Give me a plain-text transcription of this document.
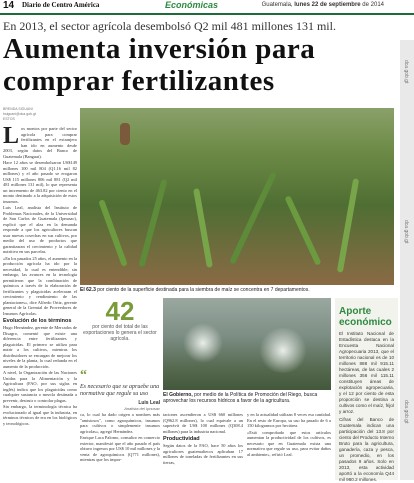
14 Diario de Centro América	Económicas	Guatemala, lunes 22 de septiembre de 2014
En 2013, el sector agrícola desembolsó Q2 mil 481 millones 131 mil.
Aumenta inversión para
comprar fertilizantes
BRENDA SIGUANI
bsiguani@dca.gob.gt
ESTOS

Los montos por parte del sector agrícola para comprar fertilizantes en el extranjero han ido en aumento desde 2003, según datos del Banco de Guatemala (Banguat).

Hace 12 años se desembolsaron US$149 millones 100 mil 804 (Q1.16 mil 82 millones) y el año pasado se erogaron US$ 115 millones 806 mil 881 (Q2 mil 481 millones 131 mil), lo que representa un incremento de 463.82 por ciento en el monto destinado a la adquisición de estos insumos.

Luis Leal, analista del Instituto de Problemas Nacionales, de la Universidad de San Carlos de Guatemala (Ipnusac), explicó que el alza en la demanda responde a que los agricultores buscan usar nuevas cosechas en sus cultivos, por medio del uso de productos que garantizaran el crecimiento y la calidad nutritiva en sus parcelas.

«En los pasados 25 años, el aumento en la producción agrícola ha ido por la necesidad, lo cual es entendible; sin embargo, las avances en la tecnología permitieron que la combinación de químicos a través de la elaboración de fertilizantes y plaguicidas aceleraran el crecimiento y rendimiento de las plantaciones», dice Alfredo Ortiz, gerente general de la Gremial de Proveedores de Insumos Agrícolas.

Evolución de los términos

Hugo Hernández, gerente de Mercados de Disagro, comentó que existe una diferencia entre fertilizantes y plaguicidas. El primero se utiliza para nutrir a los cultivos, mientras los distribuidores se encargan de mejorar los niveles de la planta, lo cual redunda en el aumento de la producción.

A nivel, la Organización de las Naciones Unidas para la Alimentación y la Agricultura (FAO, por sus siglas en inglés) indica que los plaguicidas como cualquier sustancia o mezcla destinada a prevenir, destruir o controlar plagas.

Sin embargo, la terminología técnica ha evolucionado al igual que la industria, en términos técnicos de era en los biológicos y tecnológicos.

El 62.3 por ciento de la superficie destinada para la siembra de maíz se concentra en 7 departamentos.
42
por ciento del total de las exportaciones lo genera el sector agrícola.
“
Es necesario que se apruebe una normativa que regule su uso
Luis Leal
Analista del Ipnusac
El Gobierno, por medio de la Política de Promoción del Riego, busca aprovechar los recursos hídricos a favor de la agricultura.

ca, lo cual ha dado origen a nombres más "amistosos", como agroquímicos, insumos para cultivos o simplemente insumos agrícolas», agregó Hernández.

Enrique Laca Palomo, consultor en comercio exterior, manifestó que el año pasado el país obtuvo ingresos por US$ 10 mil millones y la venta de agroquímicos (Q771 millones), mientras que los impor-

taciones ascendieron a US$ 660 millones (Q962.8 millones), lo cual equivale a un superávit de US$ 100 millones (Q308.4 millones) para la industria nacional.

Productividad

Según datos de la FAO, hace 50 años los agricultores guatemaltecos aplicaban 17 millones de toneladas de fertilizantes en sus tierras,

y en la actualidad utilizan 8 veces esa cantidad. En el resto de Europa, su uso ha pasado de 6 a 150 kilogramos por hectárea.

«Está comprobado que estos artículos aumentan la productividad de los cultivos, es necesario que en Guatemala exista una normativa que regule su uso, para evitar daños al ambiente», refirió Leal.

Aporte
económico

El Instituto Nacional de Estadística destaca en la Encuesta Nacional Agropecuaria 2013, que el territorio nacional es de 10 millones 888 mil 915.11 hectáreas, de las cuales 2 millones 356 mil 115.11 constituyen áreas de explotación agropecuaria, y el 12 por ciento de esta proporción se destina a cultivos como el maíz, frijol y arroz.

Cifras del Banco de Guatemala indican una participación del 13.8 por ciento del Producto Interno Bruto para la agricultura, ganadería, caza y pesca, un promedio, en los pasados 9 años. Solo en 2013, esta actividad aportó a la economía Q44 mil 980.2 millones.

dca.gob.gt
dca.gob.gt
dca.gob.gt
